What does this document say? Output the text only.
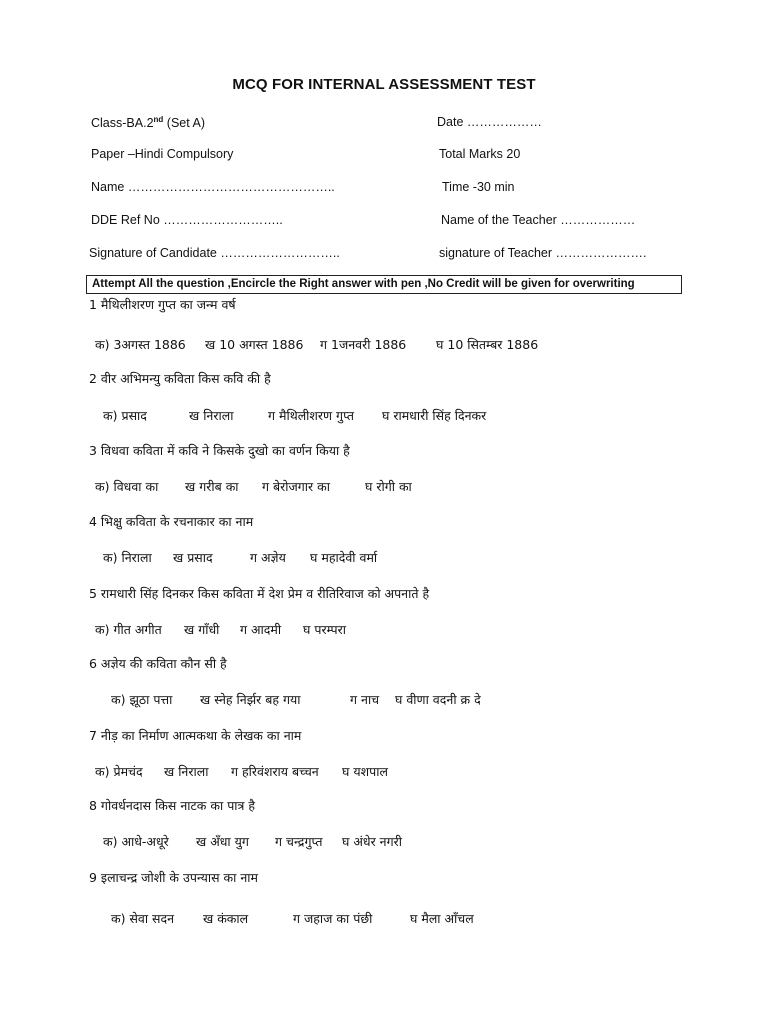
MCQ FOR INTERNAL ASSESSMENT TEST
Class-BA.2nd (Set A)	Date ………………
Paper –Hindi Compulsory	Total Marks 20
Name …………………………………………..	Time -30 min
DDE Ref No ………………………..	Name of the Teacher ………………
Signature of Candidate ………………………..	signature of Teacher ………………….
Attempt All the question ,Encircle the Right answer with pen ,No Credit will be given for overwriting
1 मैथिलीशरण गुप्त का जन्म वर्ष
क) 3अगस्त 1886 ख 10 अगस्त 1886 ग 1जनवरी 1886 घ 10 सितम्बर 1886
2 वीर अभिमन्यु कविता किस कवि की है
क) प्रसाद	ख निराला	ग मैथिलीशरण गुप्त घ रामधारी सिंह दिनकर
3 विधवा कविता में कवि ने किसके दुखो का वर्णन किया है
क) विधवा का ख गरीब का ग बेरोजगार का	घ रोगी का
4 भिक्षु कविता के रचनाकार का नाम
क) निराला ख प्रसाद	ग अज्ञेय घ महादेवी वर्मा
5 रामधारी सिंह दिनकर किस कविता में देश प्रेम व रीतिरिवाज को अपनाते है
क) गीत अगीत ख गाँधी ग आदमी घ परम्परा
6 अज्ञेय की कविता कौन सी है
क) झूठा पत्ता ख स्नेह निर्झर बह गया	ग नाच घ वीणा वदनी क्र दे
7 नीड़ का निर्माण आत्मकथा के लेखक का नाम
क) प्रेमचंद ख निराला ग हरिवंशराय बच्चन घ यशपाल
8 गोवर्धनदास किस नाटक का पात्र है
क) आधे-अधूरे ख अँधा युग ग चन्द्रगुप्त घ अंधेर नगरी
9 इलाचन्द्र जोशी के उपन्यास का नाम
क) सेवा सदन ख कंकाल	ग जहाज का पंछी	घ मैला आँचल
